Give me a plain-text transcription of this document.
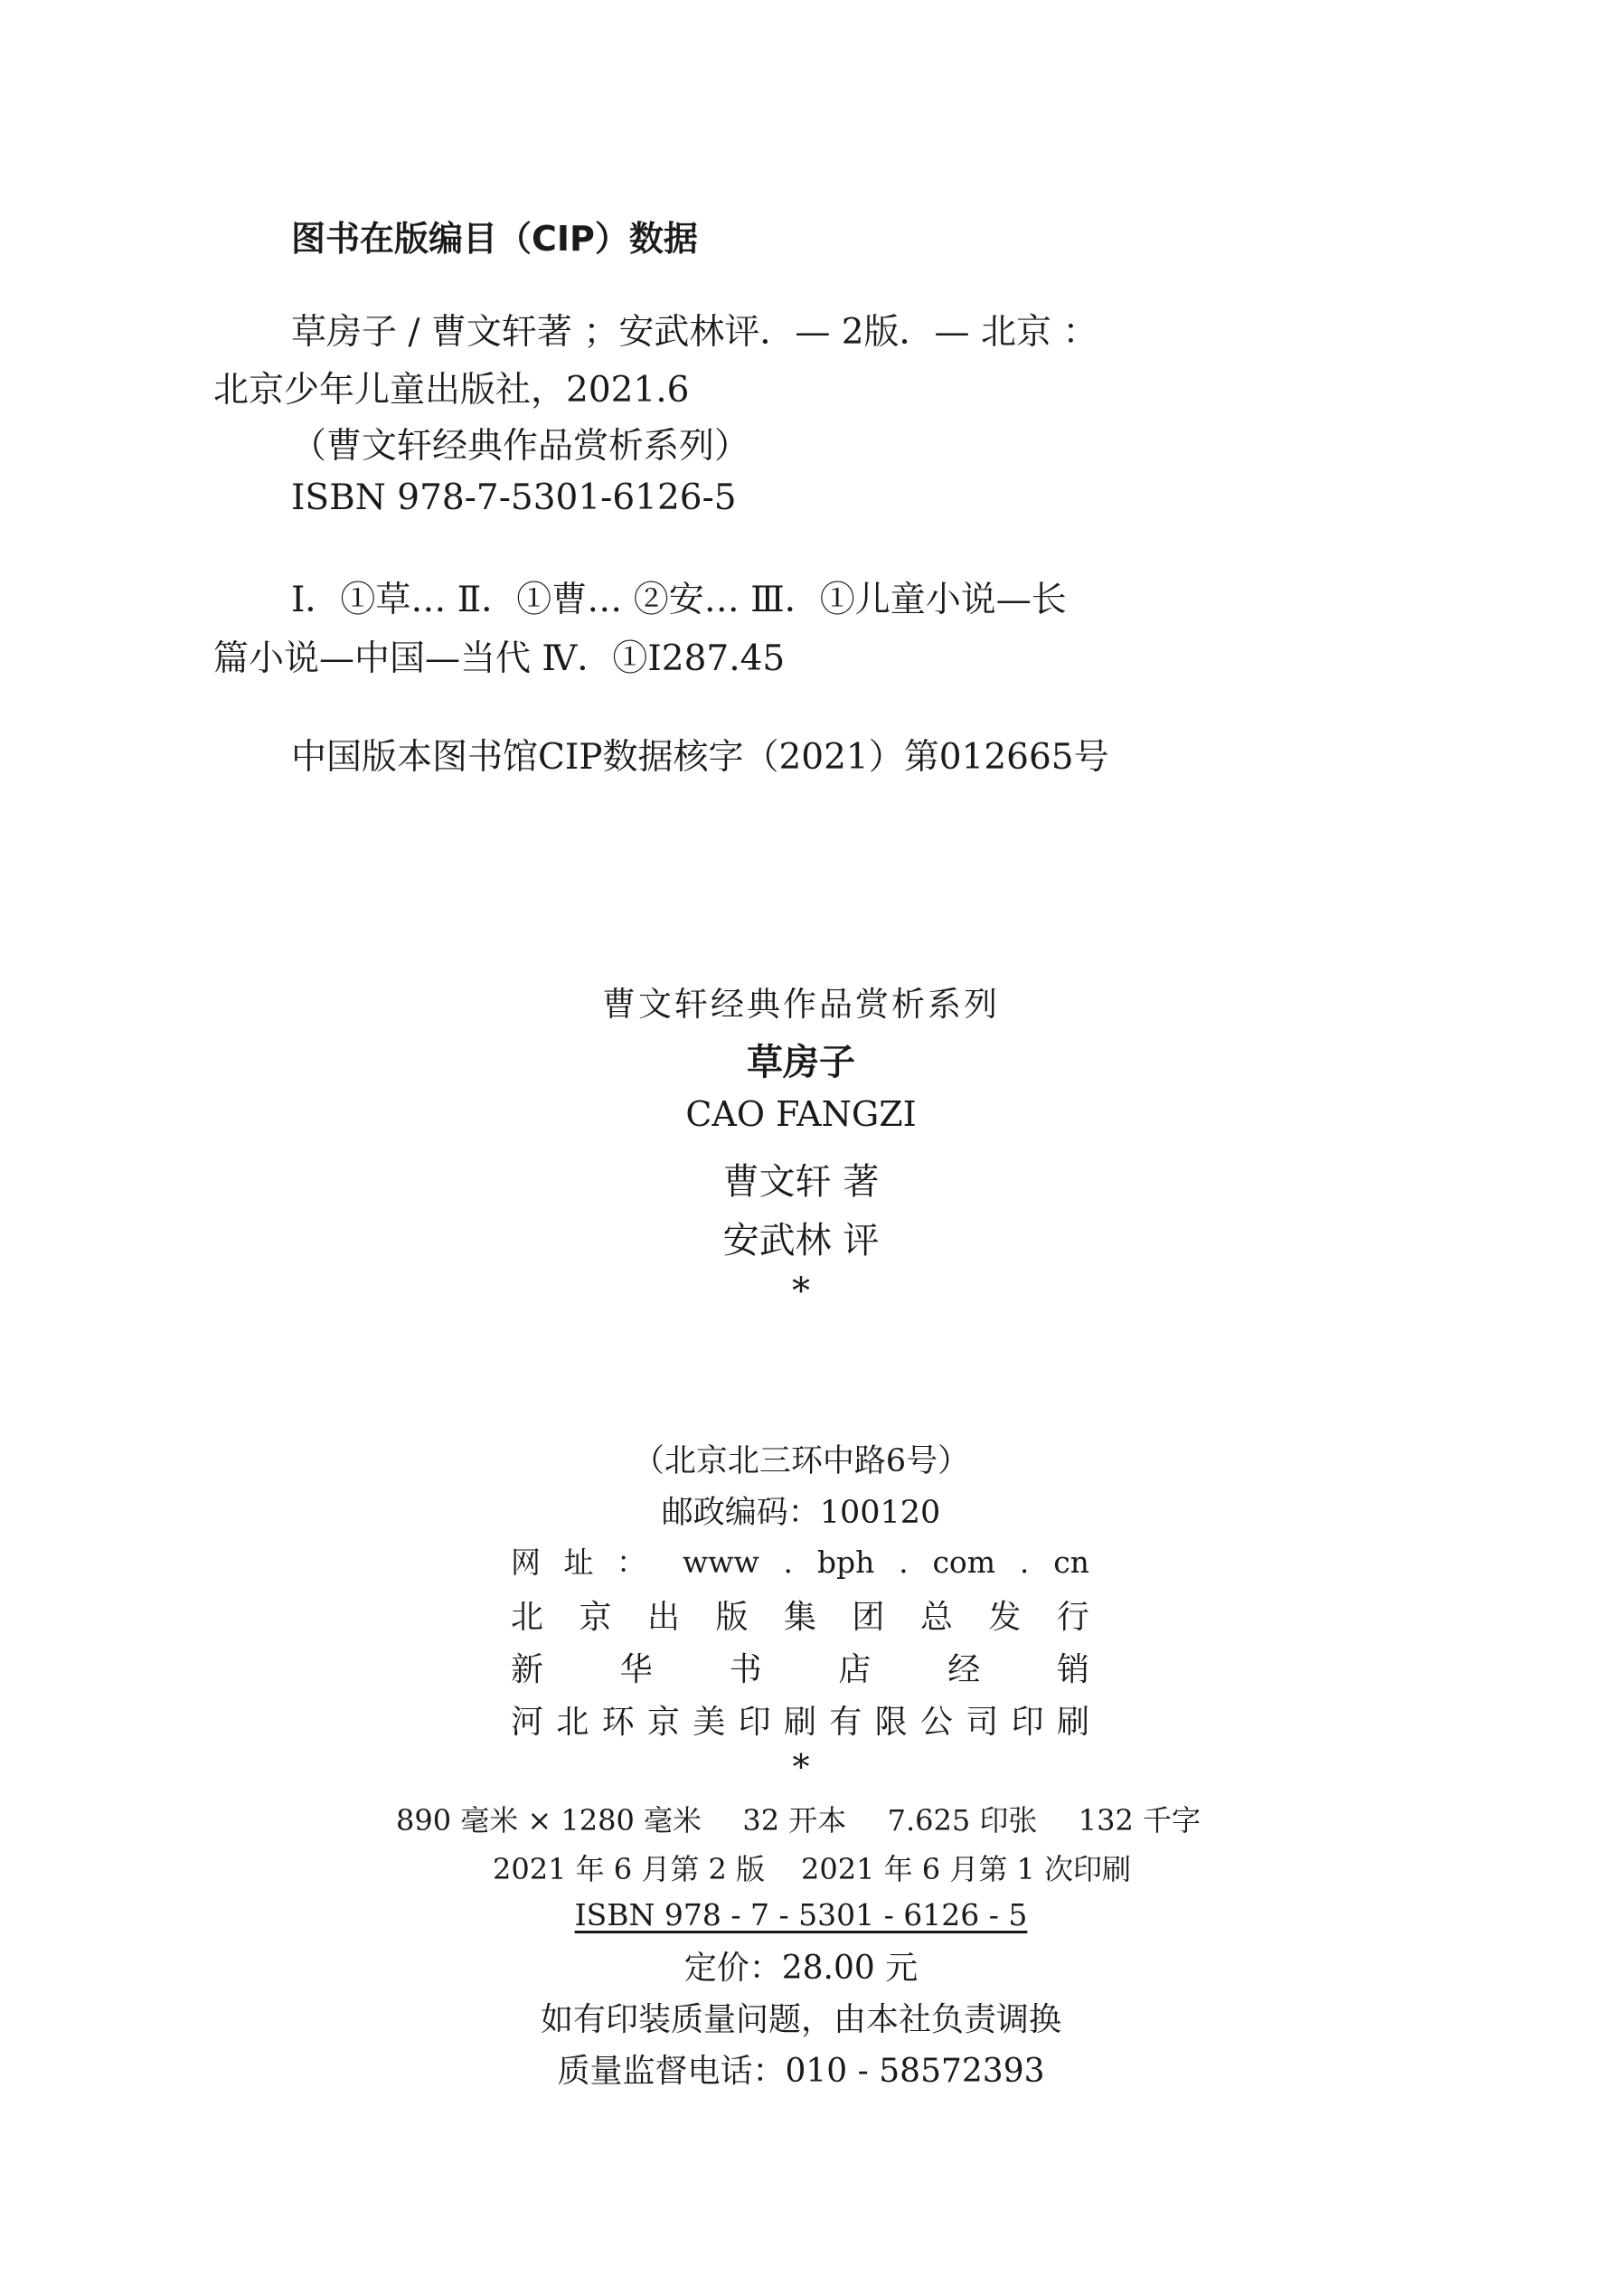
图书在版编目（CIP）数据
草房子 / 曹文轩著 ；安武林评．— 2版．— 北京 ：
北京少年儿童出版社，2021.6
（曹文轩经典作品赏析系列）
ISBN 978-7-5301-6126-5
Ⅰ．①草… Ⅱ．①曹… ②安… Ⅲ．①儿童小说—长
篇小说—中国—当代 Ⅳ．①I287.45
中国版本图书馆CIP数据核字（2021）第012665号
曹文轩经典作品赏析系列
草房子
CAO FANGZI
曹文轩 著
安武林 评
*
（北京北三环中路6号）
邮政编码：100120
网 址 ： www . bph . com . cn
北 京 出 版 集 团 总 发 行
新 华 书 店 经 销
河 北 环 京 美 印 刷 有 限 公 司 印 刷
*
890 毫米 × 1280 毫米 32 开本 7.625 印张 132 千字
2021 年 6 月第 2 版 2021 年 6 月第 1 次印刷
ISBN 978 - 7 - 5301 - 6126 - 5
定价：28.00 元
如有印装质量问题，由本社负责调换
质量监督电话：010 - 58572393
